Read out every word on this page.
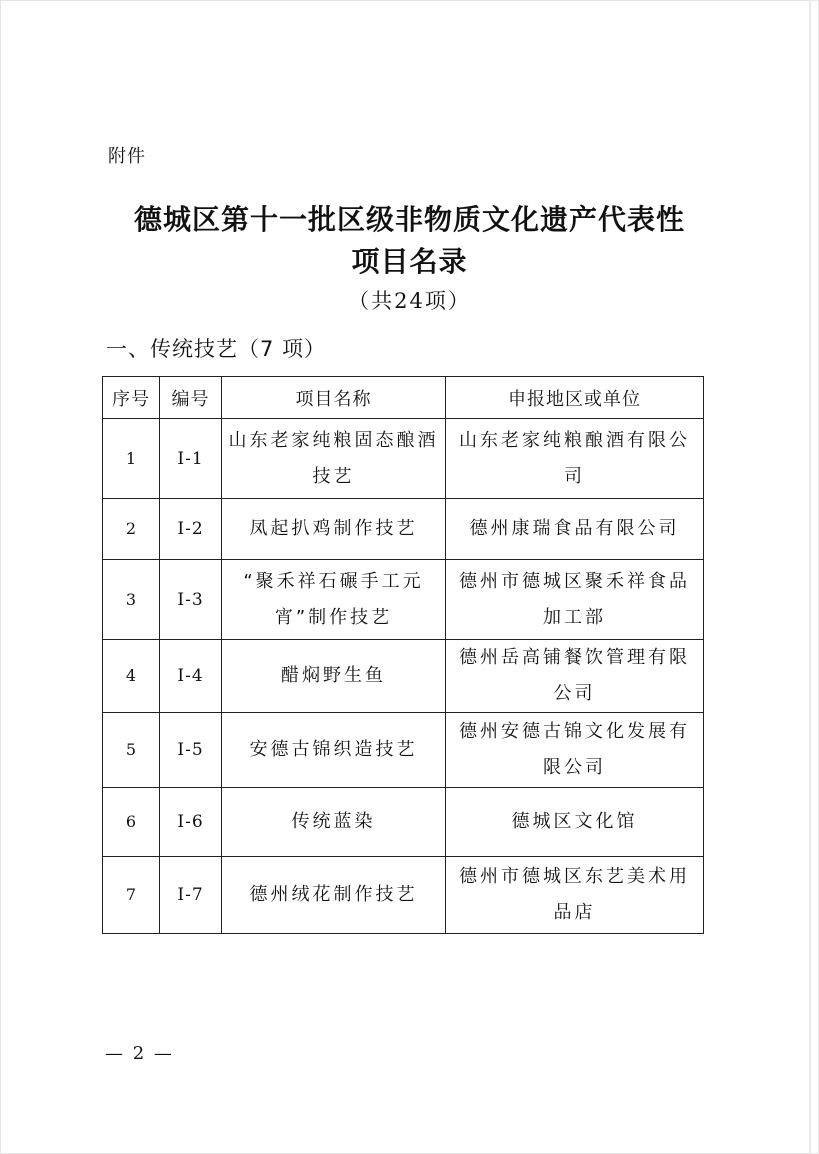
附件
德城区第十一批区级非物质文化遗产代表性
项目名录
（共24项）
一、传统技艺（7 项）
序号	编号	项目名称	申报地区或单位
1	Ⅰ-1	山东老家纯粮固态酿酒技艺	山东老家纯粮酿酒有限公司
2	Ⅰ-2	凤起扒鸡制作技艺	德州康瑞食品有限公司
3	Ⅰ-3	“聚禾祥石碾手工元宵”制作技艺	德州市德城区聚禾祥食品加工部
4	Ⅰ-4	醋焖野生鱼	德州岳高铺餐饮管理有限公司
5	Ⅰ-5	安德古锦织造技艺	德州安德古锦文化发展有限公司
6	Ⅰ-6	传统蓝染	德城区文化馆
7	Ⅰ-7	德州绒花制作技艺	德州市德城区东艺美术用品店
— 2 —
